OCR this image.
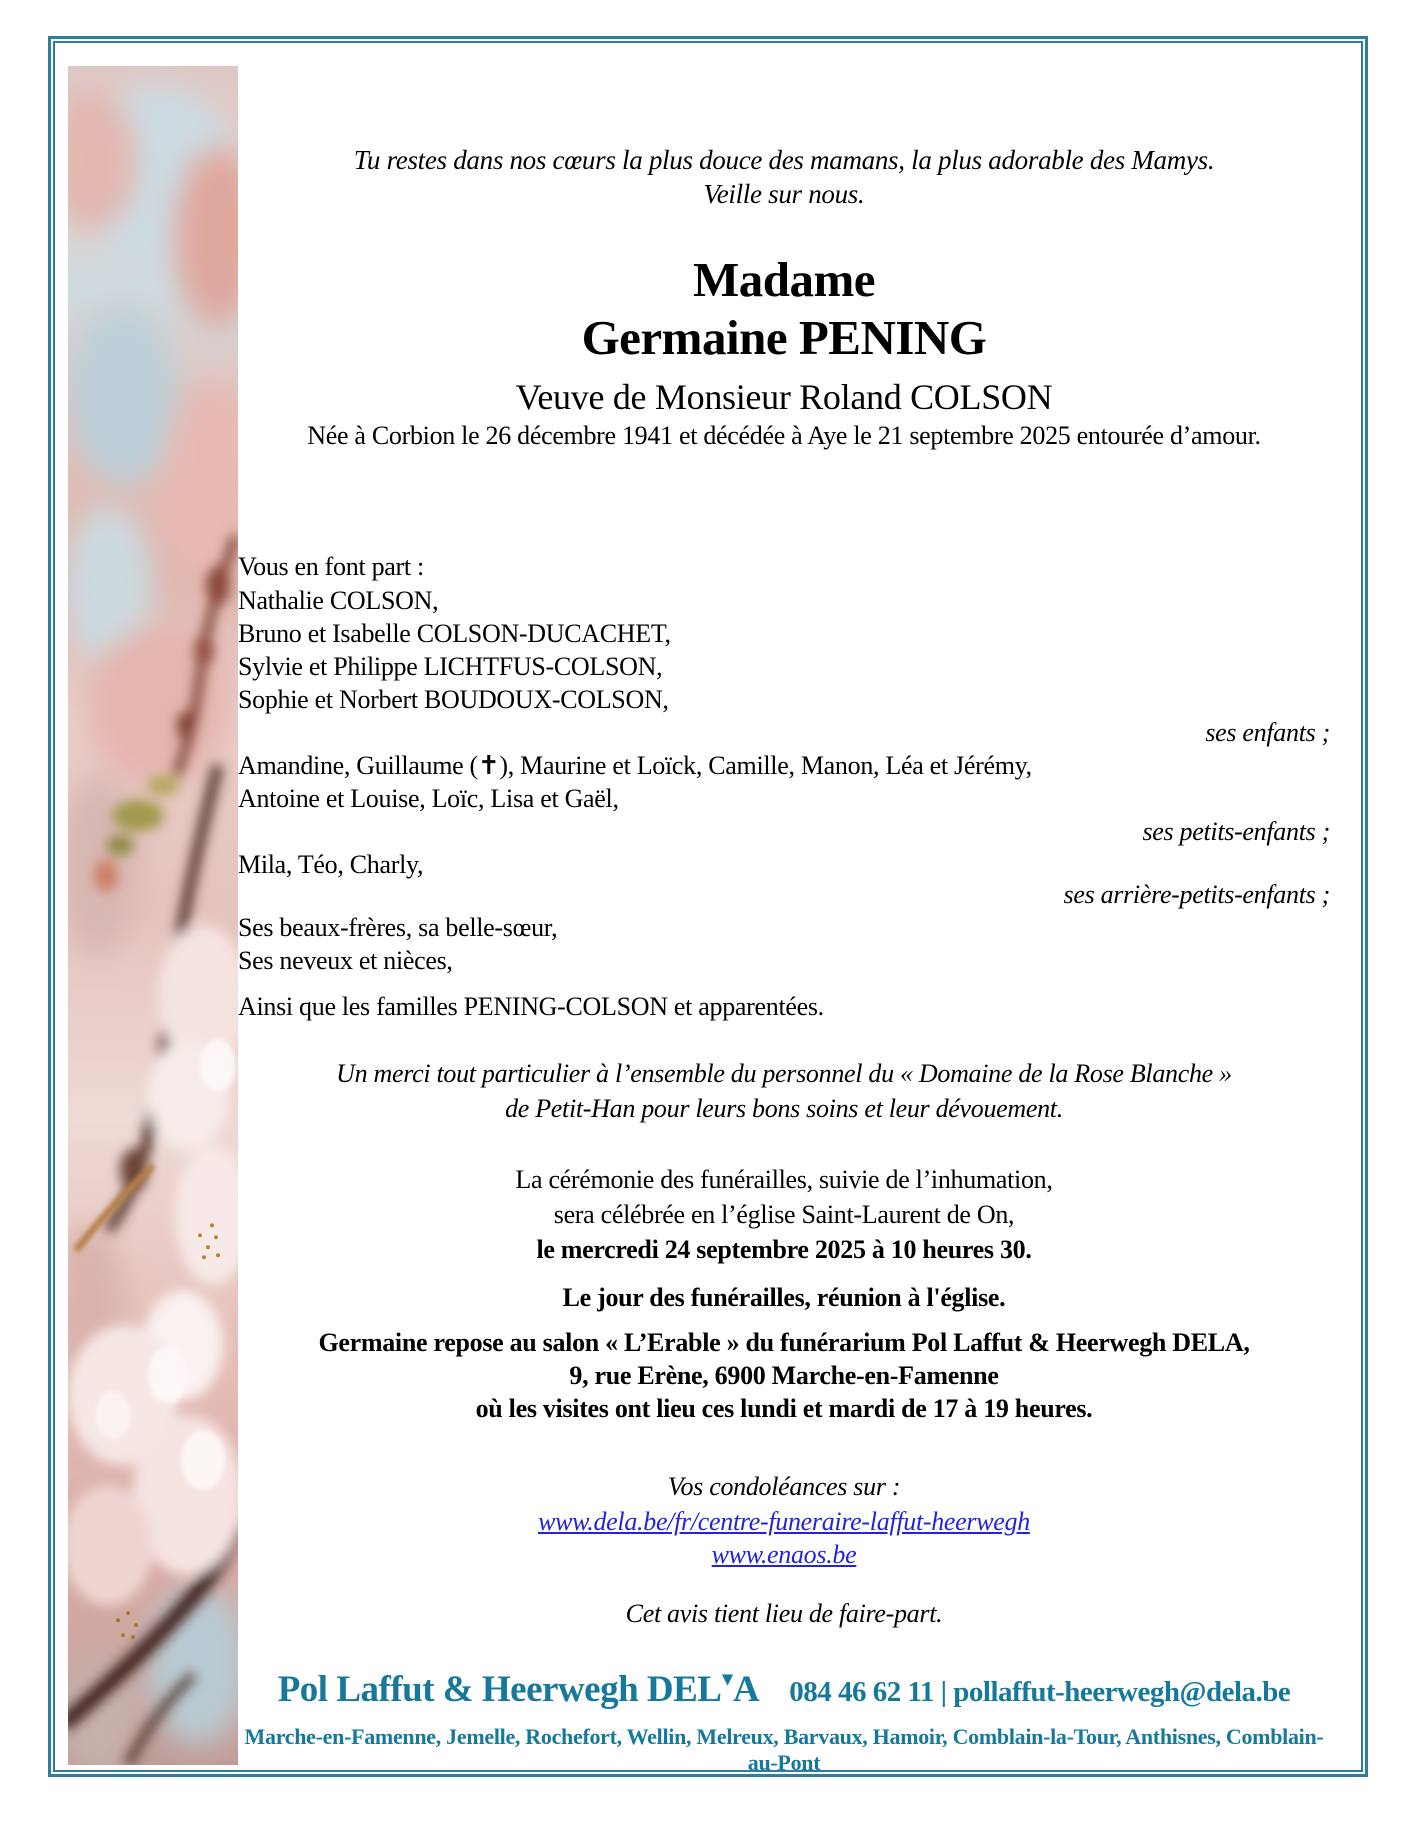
Tu restes dans nos cœurs la plus douce des mamans, la plus adorable des Mamys.
Veille sur nous.
Madame
Germaine PENING
Veuve de Monsieur Roland COLSON
Née à Corbion le 26 décembre 1941 et décédée à Aye le 21 septembre 2025 entourée d’amour.
Vous en font part :
Nathalie COLSON,
Bruno et Isabelle COLSON-DUCACHET,
Sylvie et Philippe LICHTFUS-COLSON,
Sophie et Norbert BOUDOUX-COLSON,
ses enfants ;
Amandine, Guillaume (✝), Maurine et Loïck, Camille, Manon, Léa et Jérémy,
Antoine et Louise, Loïc, Lisa et Gaël,
ses petits-enfants ;
Mila, Téo, Charly,
ses arrière-petits-enfants ;
Ses beaux-frères, sa belle-sœur,
Ses neveux et nièces,
Ainsi que les familles PENING-COLSON et apparentées.
Un merci tout particulier à l’ensemble du personnel du « Domaine de la Rose Blanche »
de Petit-Han pour leurs bons soins et leur dévouement.
La cérémonie des funérailles, suivie de l’inhumation,
sera célébrée en l’église Saint-Laurent de On,
le mercredi 24 septembre 2025 à 10 heures 30.
Le jour des funérailles, réunion à l'église.
Germaine repose au salon « L’Erable » du funérarium Pol Laffut & Heerwegh DELA,
9, rue Erène, 6900 Marche-en-Famenne
où les visites ont lieu ces lundi et mardi de 17 à 19 heures.
Vos condoléances sur :
www.dela.be/fr/centre-funeraire-laffut-heerwegh
www.enaos.be
Cet avis tient lieu de faire-part.
Pol Laffut & Heerwegh DEL▾A 084 46 62 11 | pollaffut-heerwegh@dela.be
Marche-en-Famenne, Jemelle, Rochefort, Wellin, Melreux, Barvaux, Hamoir, Comblain-la-Tour, Anthisnes, Comblain-au-Pont
